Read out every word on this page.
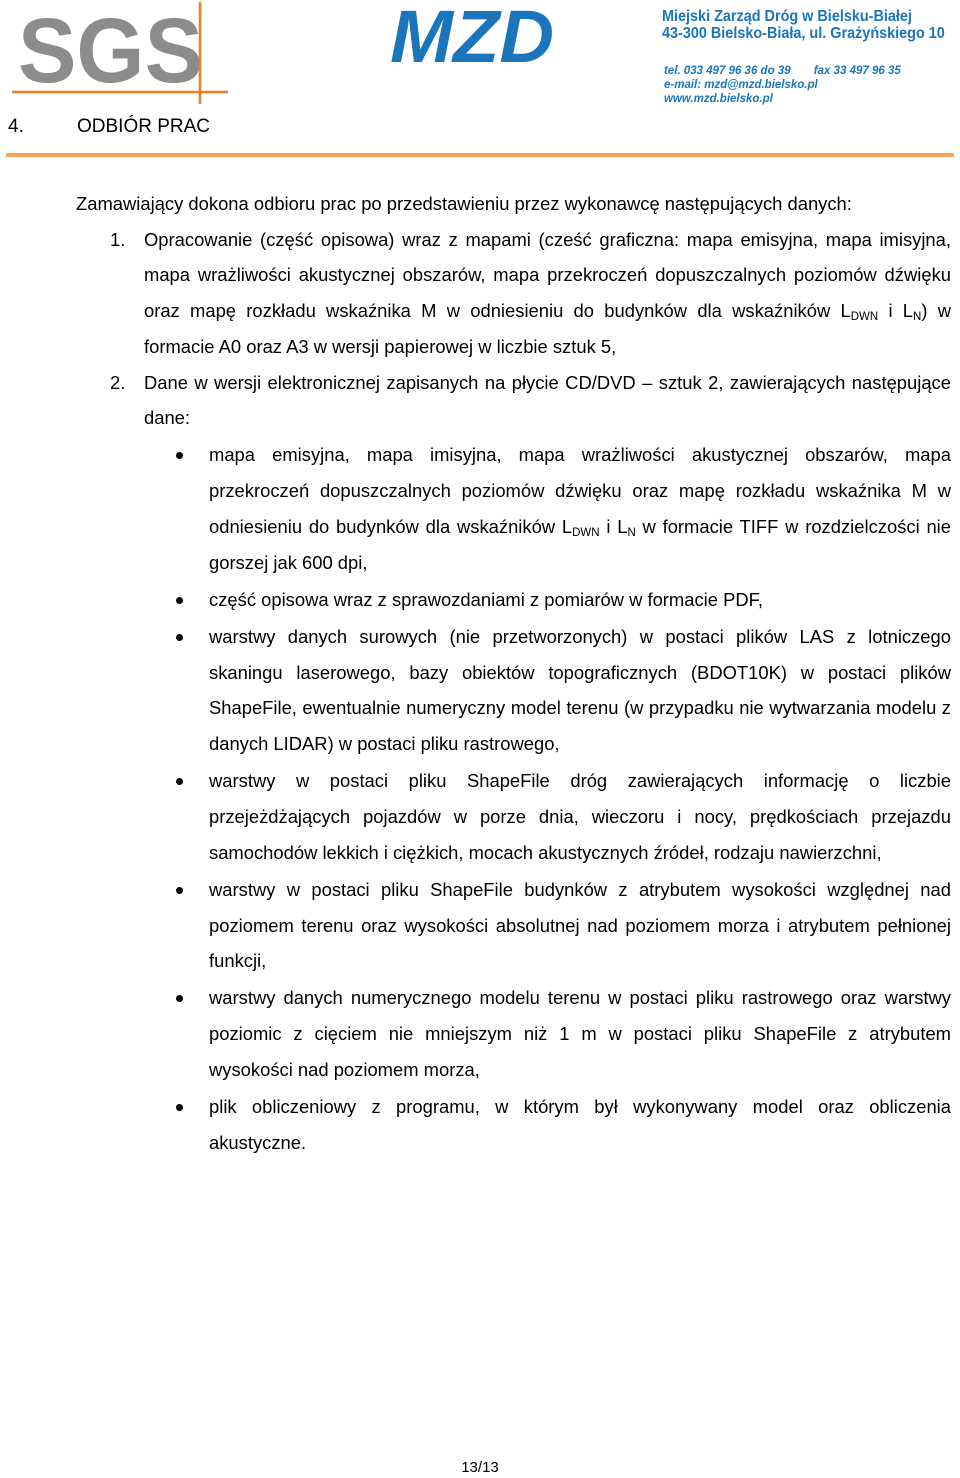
SGS	MZD	Miejski Zarząd Dróg w Bielsku-Białej
43-300 Bielsko-Biała, ul. Grażyńskiego 10
tel. 033 497 96 36 do 39 fax 33 497 96 35
e-mail: mzd@mzd.bielsko.pl
www.mzd.bielsko.pl
4.	ODBIÓR PRAC
Zamawiający dokona odbioru prac po przedstawieniu przez wykonawcę następujących danych:
1. Opracowanie (część opisowa) wraz z mapami (cześć graficzna: mapa emisyjna, mapa imisyjna, mapa wrażliwości akustycznej obszarów, mapa przekroczeń dopuszczalnych poziomów dźwięku oraz mapę rozkładu wskaźnika M w odniesieniu do budynków dla wskaźników $L_{DWN}$ i $L_N$) w formacie A0 oraz A3 w wersji papierowej w liczbie sztuk 5,
2. Dane w wersji elektronicznej zapisanych na płycie CD/DVD – sztuk 2, zawierających następujące dane:
mapa emisyjna, mapa imisyjna, mapa wrażliwości akustycznej obszarów, mapa przekroczeń dopuszczalnych poziomów dźwięku oraz mapę rozkładu wskaźnika M w odniesieniu do budynków dla wskaźników $L_{DWN}$ i $L_N$ w formacie TIFF w rozdzielczości nie gorszej jak 600 dpi,
część opisowa wraz z sprawozdaniami z pomiarów w formacie PDF,
warstwy danych surowych (nie przetworzonych) w postaci plików LAS z lotniczego skaningu laserowego, bazy obiektów topograficznych (BDOT10K) w postaci plików ShapeFile, ewentualnie numeryczny model terenu (w przypadku nie wytwarzania modelu z danych LIDAR) w postaci pliku rastrowego,
warstwy w postaci pliku ShapeFile dróg zawierających informację o liczbie przejeżdżających pojazdów w porze dnia, wieczoru i nocy, prędkościach przejazdu samochodów lekkich i ciężkich, mocach akustycznych źródeł, rodzaju nawierzchni,
warstwy w postaci pliku ShapeFile budynków z atrybutem wysokości względnej nad poziomem terenu oraz wysokości absolutnej nad poziomem morza i atrybutem pełnionej funkcji,
warstwy danych numerycznego modelu terenu w postaci pliku rastrowego oraz warstwy poziomic z cięciem nie mniejszym niż 1 m w postaci pliku ShapeFile z atrybutem wysokości nad poziomem morza,
plik obliczeniowy z programu, w którym był wykonywany model oraz obliczenia akustyczne.
13/13
